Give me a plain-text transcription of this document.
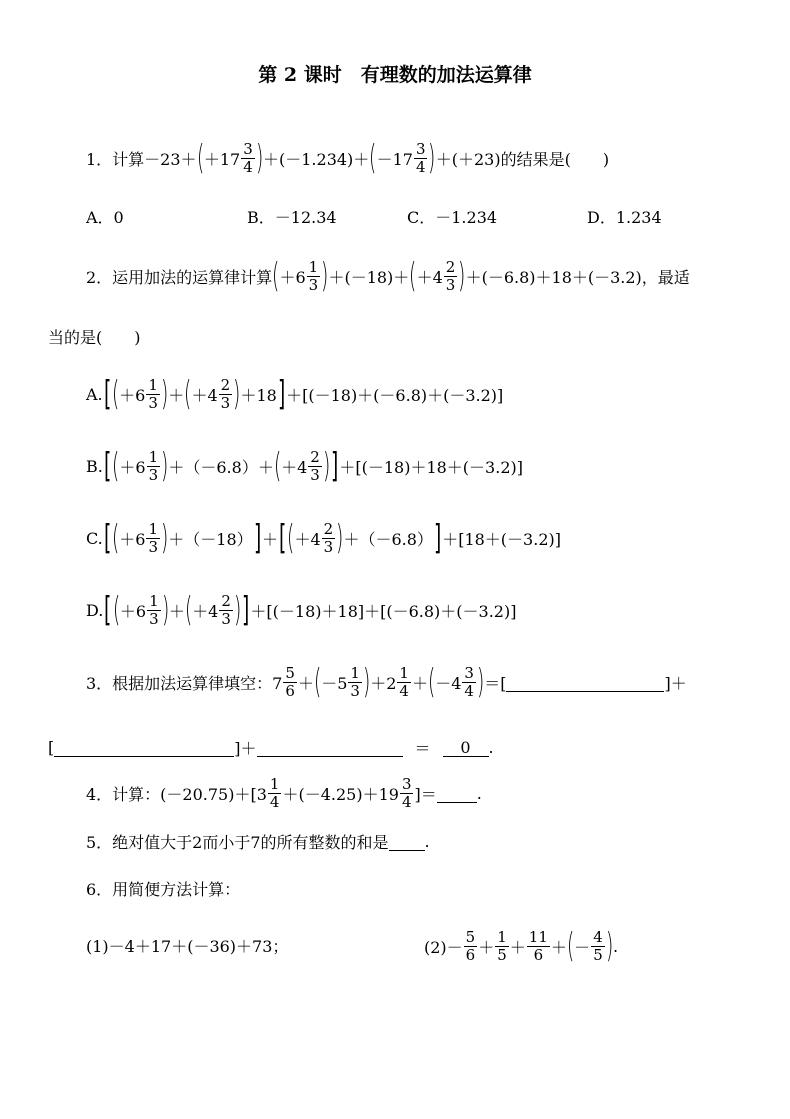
第 2 课时　有理数的加法运算律
1．计算－23＋ ( $+17 \frac{3}{4}$ ) ＋(－1.234)＋ ( $-17 \frac{3}{4}$ ) ＋(＋23)的结果是(　　)
A．0	B．－12.34	C．－1.234	D．1.234
2．运用加法的运算律计算 ( $+6 \frac{1}{3}$ ) ＋(－18)＋ ( $+4 \frac{2}{3}$ ) ＋(－6.8)＋18＋(－3.2)，最适
当的是(　　)
A. [ ( $+6 \frac{1}{3}$ ) ＋ ( $+4 \frac{2}{3}$ ) ＋18 ] ＋[(－18)＋(－6.8)＋(－3.2)]
B. [ ( $+6 \frac{1}{3}$ ) ＋（－6.8）＋ ( $+4 \frac{2}{3}$ ) ] ＋[(－18)＋18＋(－3.2)]
C. [ ( $+6 \frac{1}{3}$ ) ＋（－18） ] ＋ [ ( $+4 \frac{2}{3}$ ) ＋（－6.8） ] ＋[18＋(－3.2)]
D. [ ( $+6 \frac{1}{3}$ ) ＋ ( $+4 \frac{2}{3}$ ) ] ＋[(－18)＋18]＋[(－6.8)＋(－3.2)]
3．根据加法运算律填空：$7 \frac{5}{6}$ ＋ ( $-5 \frac{1}{3}$ ) $+2 \frac{1}{4}$ ＋ ( $-4 \frac{3}{4}$ ) ＝[	]＋
[	]＋	＝	0	.
4．计算：$(-20.75)+[3 \frac{1}{4} +(-4.25)+19 \frac{3}{4}$ ]＝	.
5．绝对值大于2而小于7的所有整数的和是 .
6．用简便方法计算：
(1)－4＋17＋(－36)＋73；	$(2)- \frac{5}{6} + \frac{1}{5} + \frac{11}{6}$ ＋ ( － $\frac{4}{5}$ ) .
